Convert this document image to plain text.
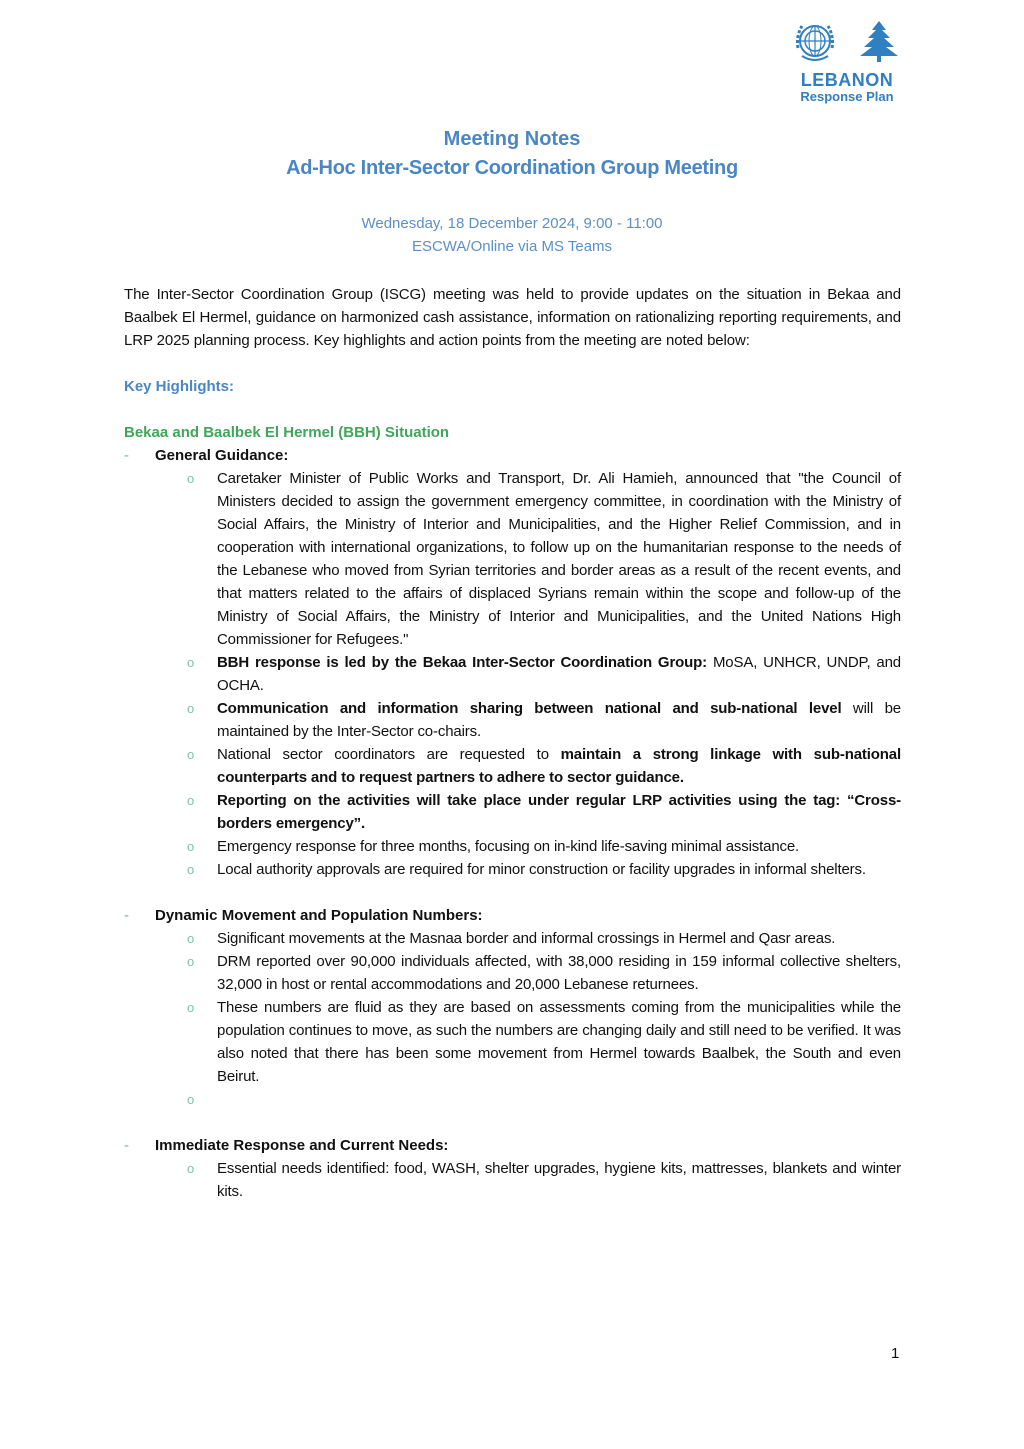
LEBANON
Response Plan
Meeting Notes
Ad-Hoc Inter-Sector Coordination Group Meeting
Wednesday, 18 December 2024, 9:00 - 11:00
ESCWA/Online via MS Teams

The Inter-Sector Coordination Group (ISCG) meeting was held to provide updates on the situation in Bekaa and Baalbek El Hermel, guidance on harmonized cash assistance, information on rationalizing reporting requirements, and LRP 2025 planning process. Key highlights and action points from the meeting are noted below:

Key Highlights:
Bekaa and Baalbek El Hermel (BBH) Situation
- General Guidance:
o Caretaker Minister of Public Works and Transport, Dr. Ali Hamieh, announced that "the Council of Ministers decided to assign the government emergency committee, in coordination with the Ministry of Social Affairs, the Ministry of Interior and Municipalities, and the Higher Relief Commission, and in cooperation with international organizations, to follow up on the humanitarian response to the needs of the Lebanese who moved from Syrian territories and border areas as a result of the recent events, and that matters related to the affairs of displaced Syrians remain within the scope and follow-up of the Ministry of Social Affairs, the Ministry of Interior and Municipalities, and the United Nations High Commissioner for Refugees."
o BBH response is led by the Bekaa Inter-Sector Coordination Group: MoSA, UNHCR, UNDP, and OCHA.
o Communication and information sharing between national and sub-national level will be maintained by the Inter-Sector co-chairs.
o National sector coordinators are requested to maintain a strong linkage with sub-national counterparts and to request partners to adhere to sector guidance.
o Reporting on the activities will take place under regular LRP activities using the tag: “Cross-borders emergency”.
o Emergency response for three months, focusing on in-kind life-saving minimal assistance.
o Local authority approvals are required for minor construction or facility upgrades in informal shelters.
- Dynamic Movement and Population Numbers:
o Significant movements at the Masnaa border and informal crossings in Hermel and Qasr areas.
o DRM reported over 90,000 individuals affected, with 38,000 residing in 159 informal collective shelters, 32,000 in host or rental accommodations and 20,000 Lebanese returnees.
o These numbers are fluid as they are based on assessments coming from the municipalities while the population continues to move, as such the numbers are changing daily and still need to be verified. It was also noted that there has been some movement from Hermel towards Baalbek, the South and even Beirut.
o
- Immediate Response and Current Needs:
o Essential needs identified: food, WASH, shelter upgrades, hygiene kits, mattresses, blankets and winter kits.
1
